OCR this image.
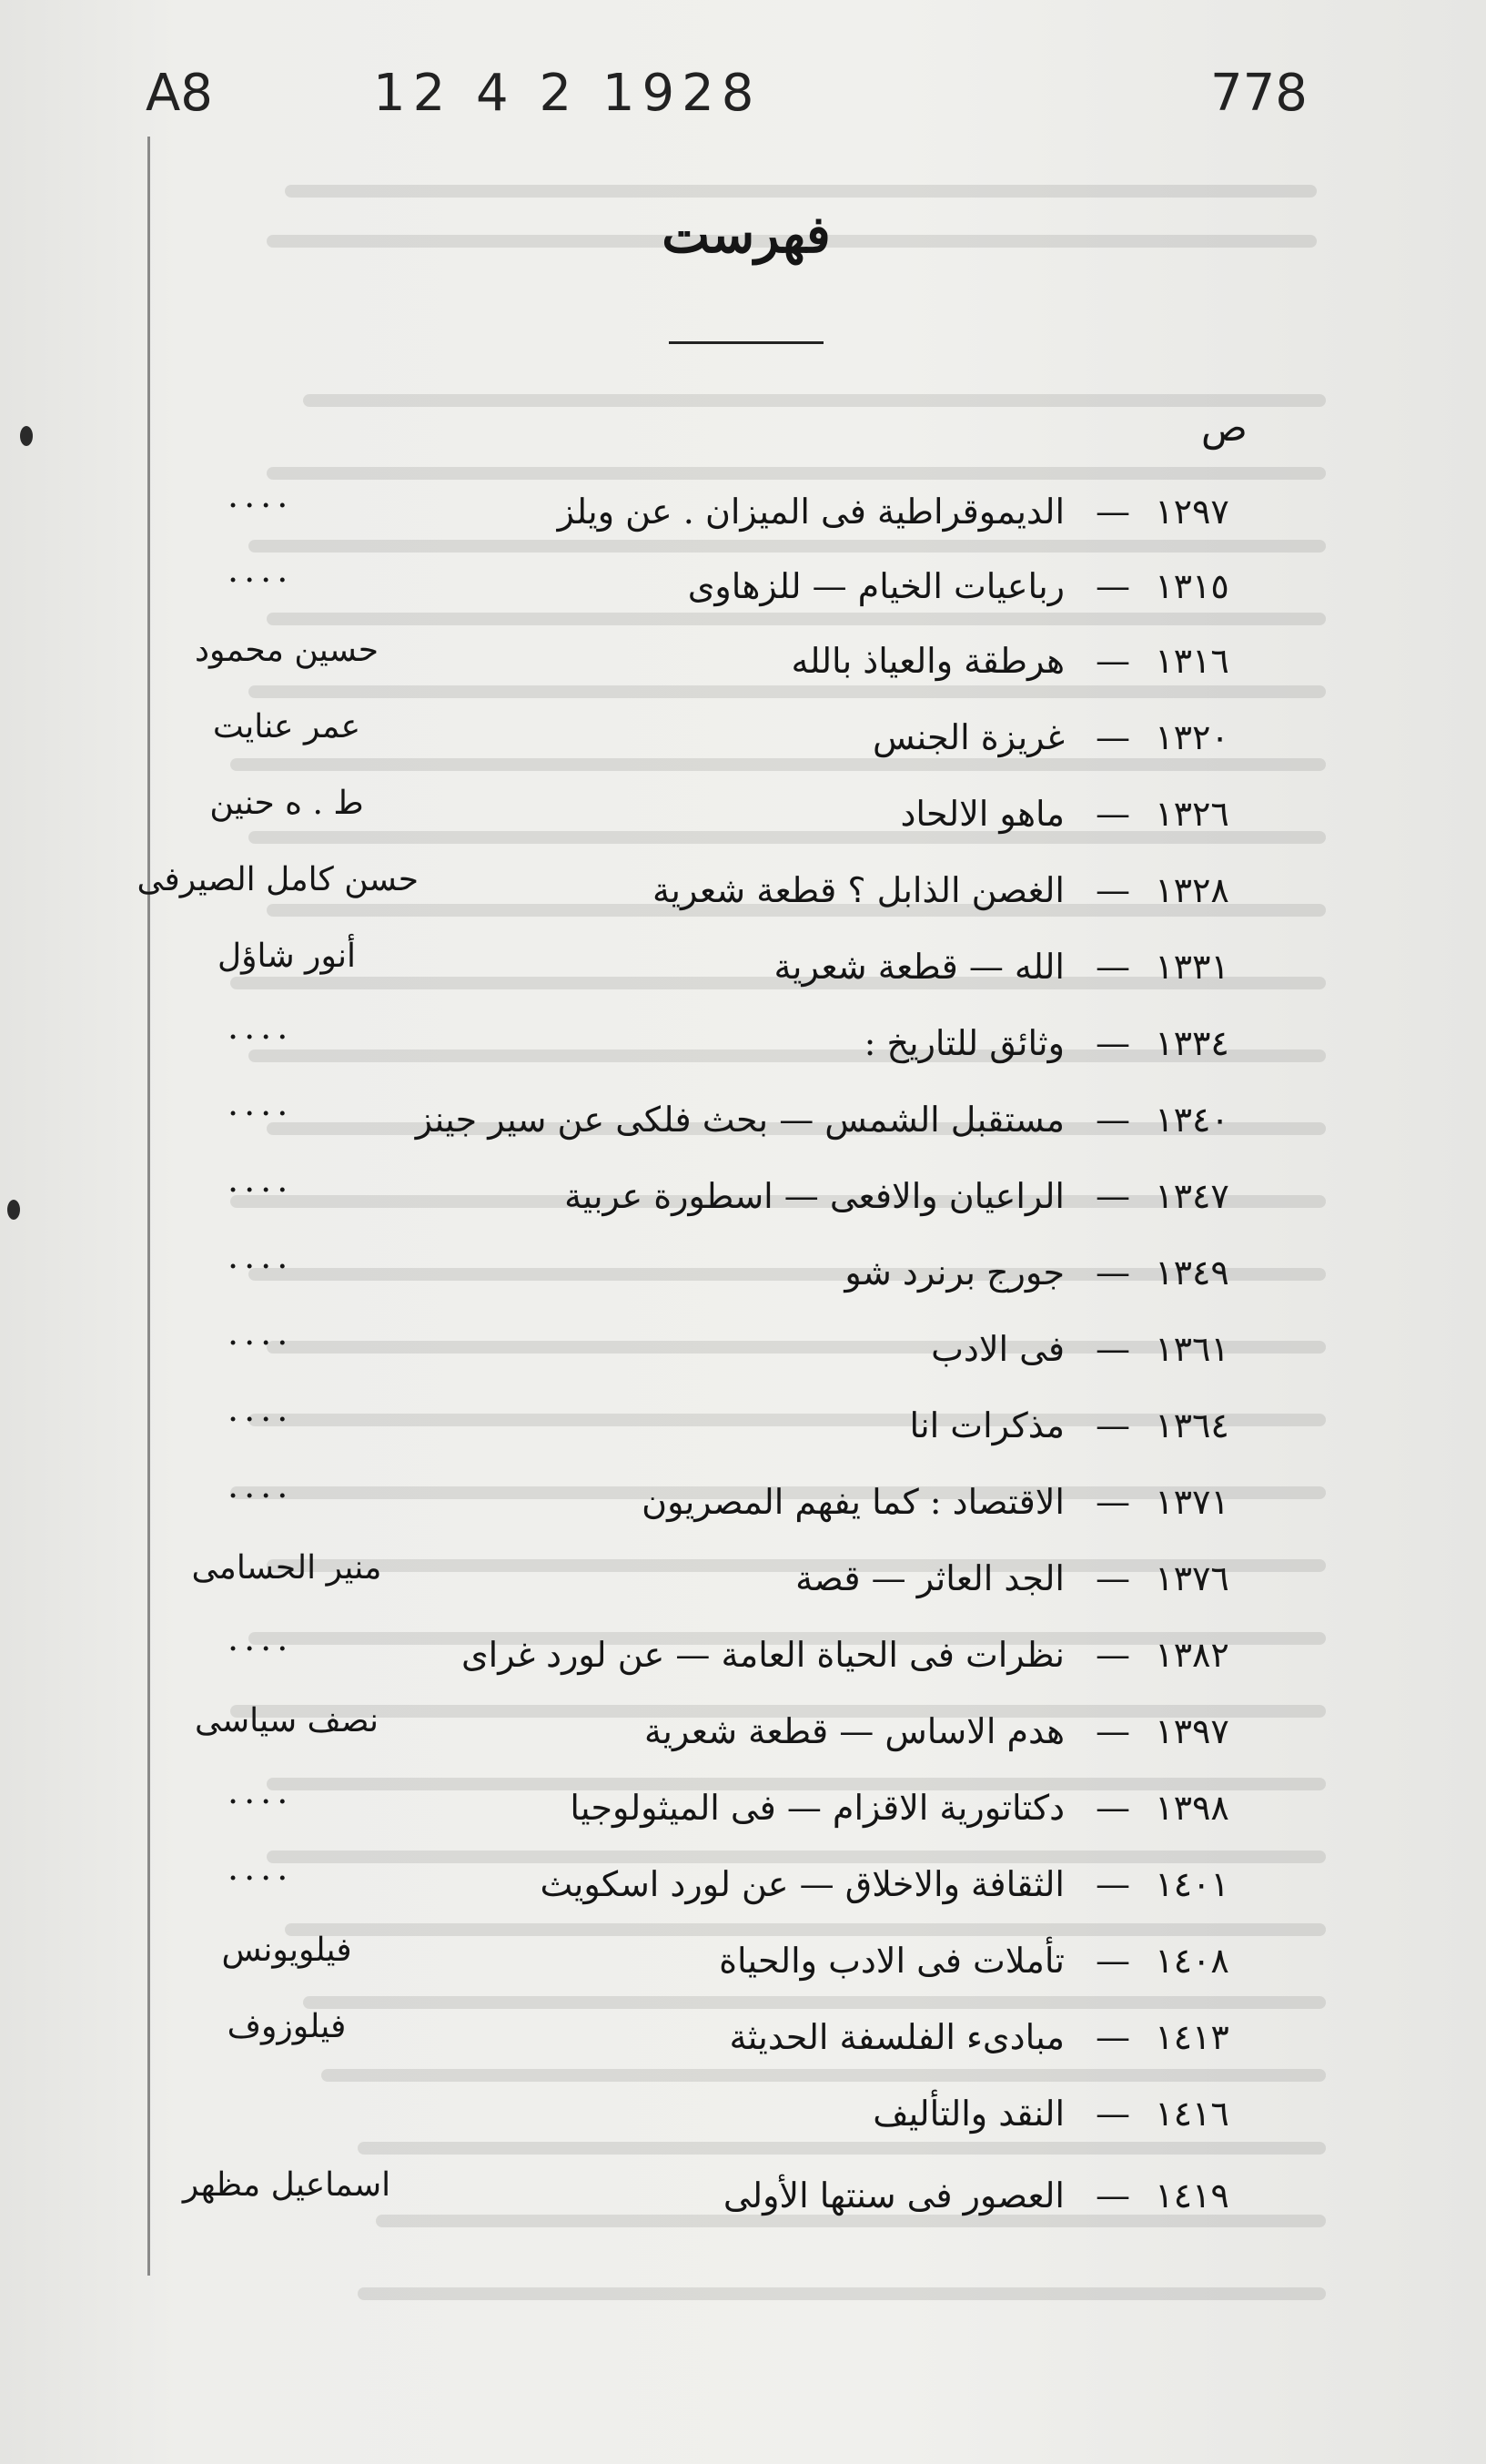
A8	12 4 2 1928	778
فهرست
ص
١٢٩٧
—
الديموقراطية فى الميزان . عن ويلز
....
١٣١٥
—
رباعيات الخيام — للزهاوى
....
١٣١٦
—
هرطقة والعياذ بالله
حسين محمود
١٣٢٠
—
غريزة الجنس
عمر عنايت
١٣٢٦
—
ماهو الالحاد
ط . ه حنين
١٣٢٨
—
الغصن الذابل ؟ قطعة شعرية
حسن كامل الصيرفى
١٣٣١
—
الله — قطعة شعرية
أنور شاؤل
١٣٣٤
—
وثائق للتاريخ :
....
١٣٤٠
—
مستقبل الشمس — بحث فلكى عن سير جينز
....
١٣٤٧
—
الراعيان والافعى — اسطورة عربية
....
١٣٤٩
—
جورج برنرد شو
....
١٣٦١
—
فى الادب
....
١٣٦٤
—
مذكرات انا
....
١٣٧١
—
الاقتصاد : كما يفهم المصريون
....
١٣٧٦
—
الجد العاثر — قصة
منير الحسامى
١٣٨٢
—
نظرات فى الحياة العامة — عن لورد غراى
....
١٣٩٧
—
هدم الاساس — قطعة شعرية
نصف سياسى
١٣٩٨
—
دكتاتورية الاقزام — فى الميثولوجيا
....
١٤٠١
—
الثقافة والاخلاق — عن لورد اسكويث
....
١٤٠٨
—
تأملات فى الادب والحياة
فيلويونس
١٤١٣
—
مبادىء الفلسفة الحديثة
فيلوزوف
١٤١٦
—
النقد والتأليف
١٤١٩
—
العصور فى سنتها الأولى
اسماعيل مظهر
